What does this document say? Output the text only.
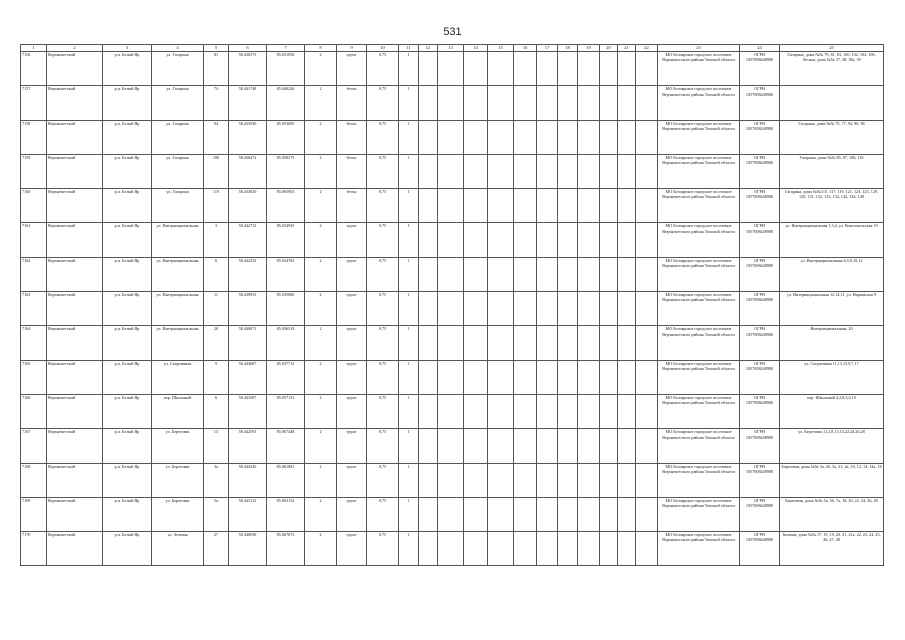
531
1	2	3	4	5	6	7	8	9	10	11	12	13	14	15	16	17	18	19	20	21	22	23	24	25
7156	Верхнекетский	р.п. Белый Яр	ул. Гагарина	81	58.436573	85.031050	2	грунт	0,75	1												МО Белоярское городское поселение Верхнекетского района Томской области	ОГРН 1057008448980	Гагарина, дома №№ 79, 81, 83, 100, 102, 104, 106, Лесная, дома №№ 37, 38, 38а, 39
7157	Верхнекетский	р.п. Белый Яр	ул. Гагарина	74	58.441748	85.040246	2	бетон	0,75	1												МО Белоярское городское поселение Верхнекетского района Томской области	ОГРН 1057008448980	
7158	Верхнекетский	р.п. Белый Яр	ул. Гагарина	94	58.435930	85.053695	2	бетон	0,75	1												МО Белоярское городское поселение Верхнекетского района Томской области	ОГРН 1057008448980	Гагарина, дома №№ 75, 77, 94, 96, 98
7159	Верхнекетский	р.п. Белый Яр	ул. Гагарина	100	58.436472	85.058275	2	бетон	0,75	1												МО Белоярское городское поселение Верхнекетского района Томской области	ОГРН 1057008448980	Гагарина, дома №№ 85, 87, 108, 110
7160	Верхнекетский	р.п. Белый Яр	ул. Гагарина	119	58.433820	85.065903	2	бетон	0,75	1												МО Белоярское городское поселение Верхнекетского района Томской области	ОГРН 1057008448980	Гагарина, дома №№115, 117, 119, 121, 123, 125, 129, 130, 131, 132, 133, 134, 142, 144, 149
7161	Верхнекетский	р.п. Белый Яр	ул. Интернациональная	3	58.442712	85.034945	2	грунт	0,75	1												МО Белоярское городское поселение Верхнекетского района Томской области	ОГРН 1057008448980	ул. Интернациональная 1,3,4, ул. Комсомольская 19
7162	Верхнекетский	р.п. Белый Яр	ул. Интернациональная	6	58.442252	85.034782	2	грунт	0,75	1												МО Белоярское городское поселение Верхнекетского района Томской области	ОГРН 1057008448980	ул. Интернациональная 6,5,8,10,12
7163	Верхнекетский	р.п. Белый Яр	ул. Интернациональная	11	58.439953	85.035080	2	грунт	0,75	1												МО Белоярское городское поселение Верхнекетского района Томской области	ОГРН 1057008448980	ул. Интернациональная 12,14,11, ул. Нарымская 9
7164	Верхнекетский	р.п. Белый Яр	ул. Интернациональная	20	58.440071	85.036519	2	грунт	0,75	1												МО Белоярское городское поселение Верхнекетского района Томской области	ОГРН 1057008448980	Интернациональная, 20
7165	Верхнекетский	р.п. Белый Яр	ул. Спортивная	9	58.444687	85.037713	2	грунт	0,75	1												МО Белоярское городское поселение Верхнекетского района Томской области	ОГРН 1057008448980	ул. Спортивная 11,13,15,9,7,17
7166	Верхнекетский	р.п. Белый Яр	пер. Школьный	6	58.443307	85.057153	2	грунт	0,75	1												МО Белоярское городское поселение Верхнекетского района Томской области	ОГРН 1057008448980	пер. Школьный 4,2,8,5,4,10
7167	Верхнекетский	р.п. Белый Яр	ул. Береговая	13	58.442591	85.067448	2	грунт	0,75	1												МО Белоярское городское поселение Верхнекетского района Томской области	ОГРН 1057008448980	ул. Береговая 11,2,8,13,15,22,24,26,28
7168	Верхнекетский	р.п. Белый Яр	ул. Береговая	3а	58.444320	85.061081	2	грунт	0,75	1												МО Белоярское городское поселение Верхнекетского района Томской области	ОГРН 1057008448980	Береговая, дома №№ 3а, 2б, 3а, 21, 2а, 10, 12, 14, 14а, 16
7169	Верхнекетский	р.п. Белый Яр	ул. Береговая	5а	58.443112	85.063154	2	грунт	0,75	1												МО Белоярское городское поселение Верхнекетского района Томской области	ОГРН 1057008448980	Береговая, дома №№ 5а, 5б, 7а, 18, 20, 22, 24, 26, 28
7170	Верхнекетский	р.п. Белый Яр	ул. Зеленая	27	58.440038	85.067673	2	грунт	0,75	1												МО Белоярское городское поселение Верхнекетского района Томской области	ОГРН 1057008448980	Зеленая, дома №№ 17, 19, 19, 20, 21, 21а, 22, 23, 24, 25, 26, 27, 28
